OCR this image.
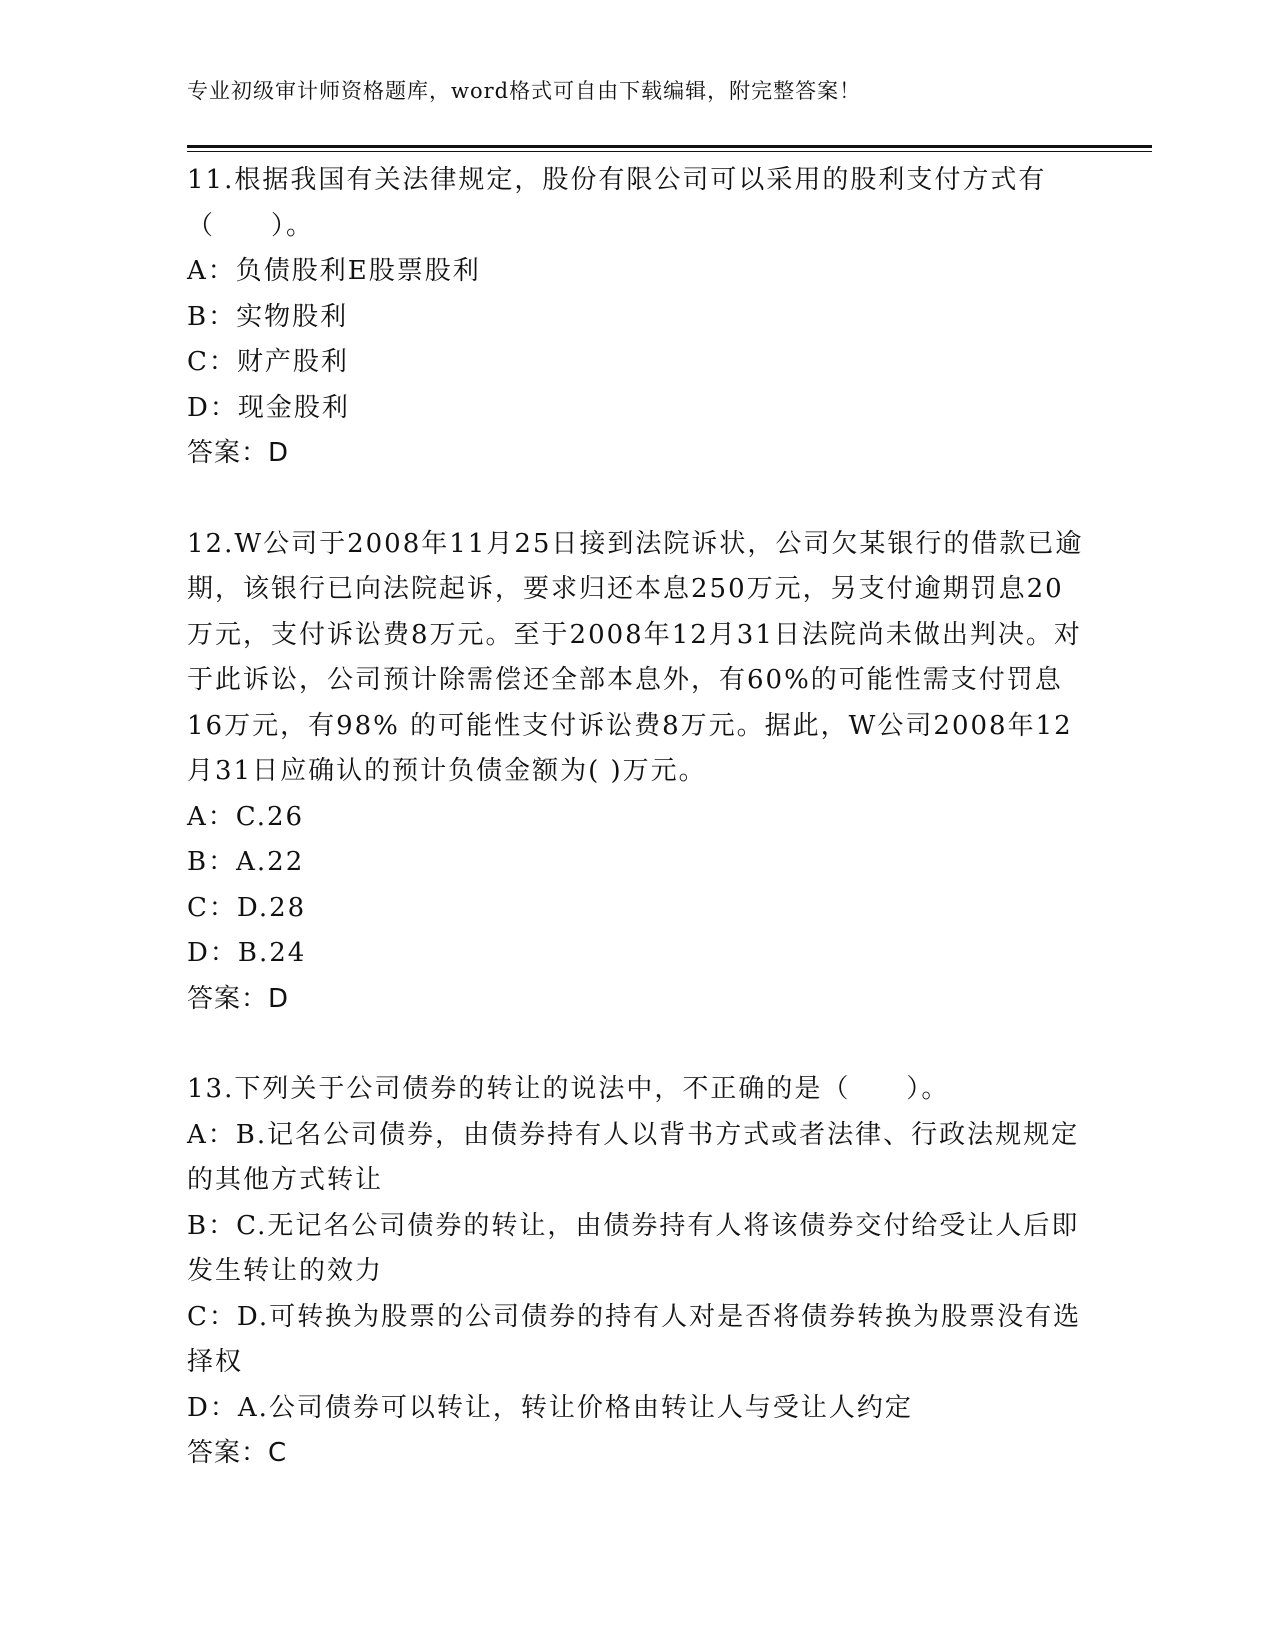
专业初级审计师资格题库，word格式可自由下载编辑，附完整答案！

11.根据我国有关法律规定，股份有限公司可以采用的股利支付方式有（　　）。

A：负债股利E股票股利

B：实物股利

C：财产股利

D：现金股利

答案：D

12.W公司于2008年11月25日接到法院诉状，公司欠某银行的借款已逾期，该银行已向法院起诉，要求归还本息250万元，另支付逾期罚息20万元，支付诉讼费8万元。至于2008年12月31日法院尚未做出判决。对于此诉讼，公司预计除需偿还全部本息外，有60%的可能性需支付罚息16万元，有98% 的可能性支付诉讼费8万元。据此，W公司2008年12月31日应确认的预计负债金额为( )万元。

A：C.26

B：A.22

C：D.28

D：B.24

答案：D

13.下列关于公司债券的转让的说法中，不正确的是（　　）。

A：B.记名公司债券，由债券持有人以背书方式或者法律、行政法规规定的其他方式转让

B：C.无记名公司债券的转让，由债券持有人将该债券交付给受让人后即发生转让的效力

C：D.可转换为股票的公司债券的持有人对是否将债券转换为股票没有选择权

D：A.公司债券可以转让，转让价格由转让人与受让人约定

答案：C
